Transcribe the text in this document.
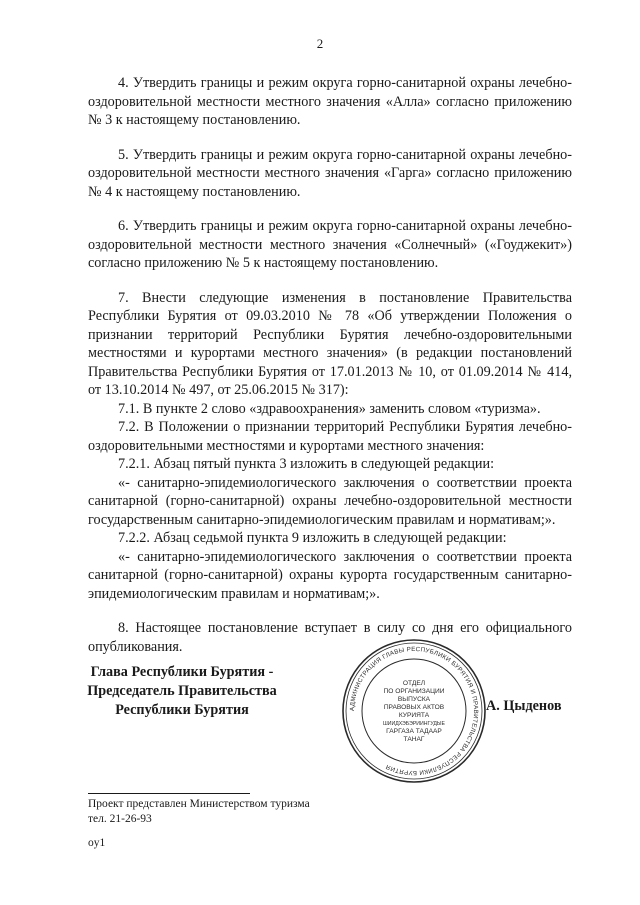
2

4. Утвердить границы и режим округа горно-санитарной охраны лечебно-оздоровительной местности местного значения «Алла» согласно приложению № 3 к настоящему постановлению.

5. Утвердить границы и режим округа горно-санитарной охраны лечебно-оздоровительной местности местного значения «Гарга» согласно приложению № 4 к настоящему постановлению.

6. Утвердить границы и режим округа горно-санитарной охраны лечебно-оздоровительной местности местного значения «Солнечный» («Гоуджекит») согласно приложению № 5 к настоящему постановлению.

7. Внести следующие изменения в постановление Правительства Республики Бурятия от 09.03.2010 № 78 «Об утверждении Положения о признании территорий Республики Бурятия лечебно-оздоровительными местностями и курортами местного значения» (в редакции постановлений Правительства Республики Бурятия от 17.01.2013 № 10, от 01.09.2014 № 414, от 13.10.2014 № 497, от 25.06.2015 № 317):

7.1. В пункте 2 слово «здравоохранения» заменить словом «туризма».

7.2. В Положении о признании территорий Республики Бурятия лечебно-оздоровительными местностями и курортами местного значения:

7.2.1. Абзац пятый пункта 3 изложить в следующей редакции:

«- санитарно-эпидемиологического заключения о соответствии проекта санитарной (горно-санитарной) охраны лечебно-оздоровительной местности государственным санитарно-эпидемиологическим правилам и нормативам;».

7.2.2. Абзац седьмой пункта 9 изложить в следующей редакции:

«- санитарно-эпидемиологического заключения о соответствии проекта санитарной (горно-санитарной) охраны курорта государственным санитарно-эпидемиологическим правилам и нормативам;».

8. Настоящее постановление вступает в силу со дня его официального опубликования.

Глава Республики Бурятия -
Председатель Правительства
Республики Бурятия	АДМИНИСТРАЦИЯ ГЛАВЫ РЕСПУБЛИКИ БУРЯТИЯ И ПРАВИТЕЛЬСТВА РЕСПУБЛИКИ БУРЯТИЯ
ОТДЕЛ
ПО ОРГАНИЗАЦИИ
ВЫПУСКА
ПРАВОВЫХ АКТОВ
КУРИЯТА
ШИИДХЭБЭРИИНГУДЫЕ
ГАРГАЗА ТАДААР
ТАНАГ
А. Цыденов
Проект представлен Министерством туризма
тел. 21-26-93
oy1
